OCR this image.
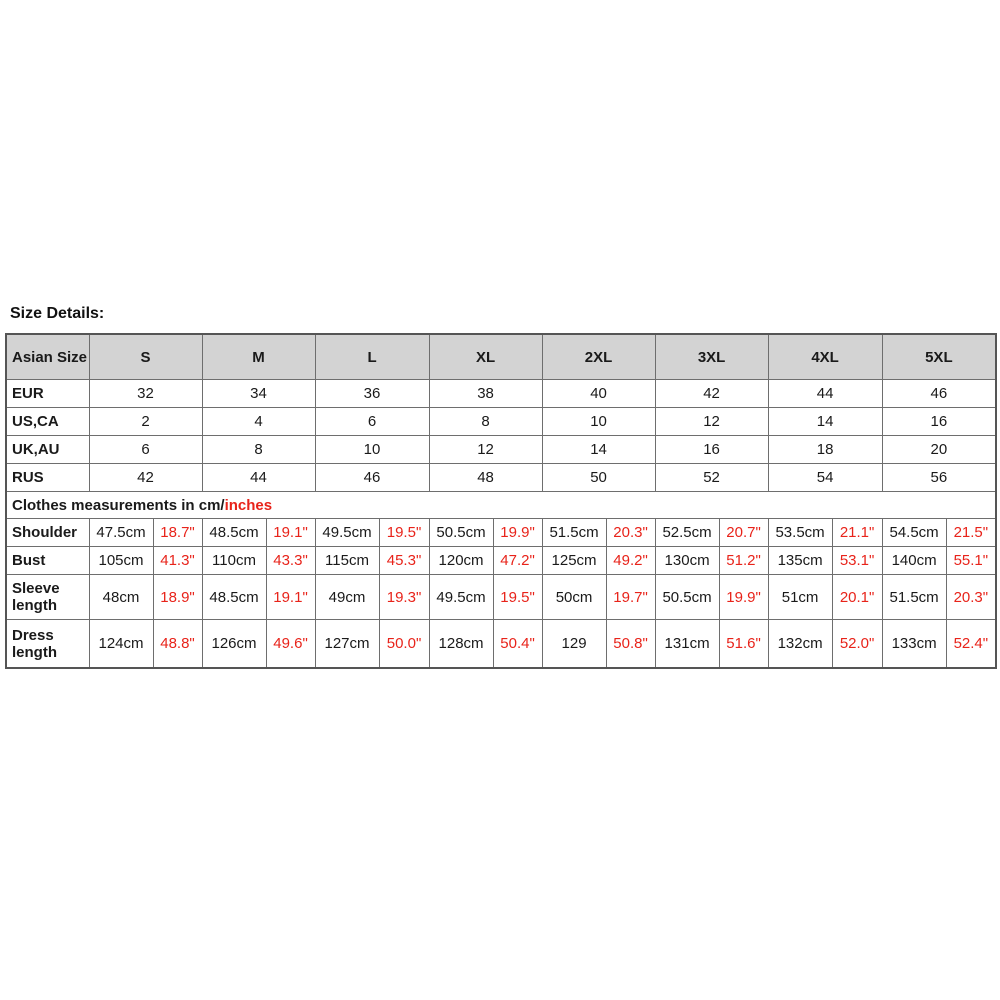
Size Details:
Asian Size	S		M		L		XL		2XL		3XL		4XL		5XL	
EUR	32		34		36		38		40		42		44		46	
US,CA	2		4		6		8		10		12		14		16	
UK,AU	6		8		10		12		14		16		18		20	
RUS	42		44		46		48		50		52		54		56	
Clothes measurements in cm/inches																
Shoulder	47.5cm	18.7"	48.5cm	19.1"	49.5cm	19.5"	50.5cm	19.9"	51.5cm	20.3"	52.5cm	20.7"	53.5cm	21.1"	54.5cm	21.5"
Bust	105cm	41.3"	110cm	43.3"	115cm	45.3"	120cm	47.2"	125cm	49.2"	130cm	51.2"	135cm	53.1"	140cm	55.1"
Sleeve length	48cm	18.9"	48.5cm	19.1"	49cm	19.3"	49.5cm	19.5"	50cm	19.7"	50.5cm	19.9"	51cm	20.1"	51.5cm	20.3"
Dress length	124cm	48.8"	126cm	49.6"	127cm	50.0"	128cm	50.4"	129	50.8"	131cm	51.6"	132cm	52.0"	133cm	52.4"
